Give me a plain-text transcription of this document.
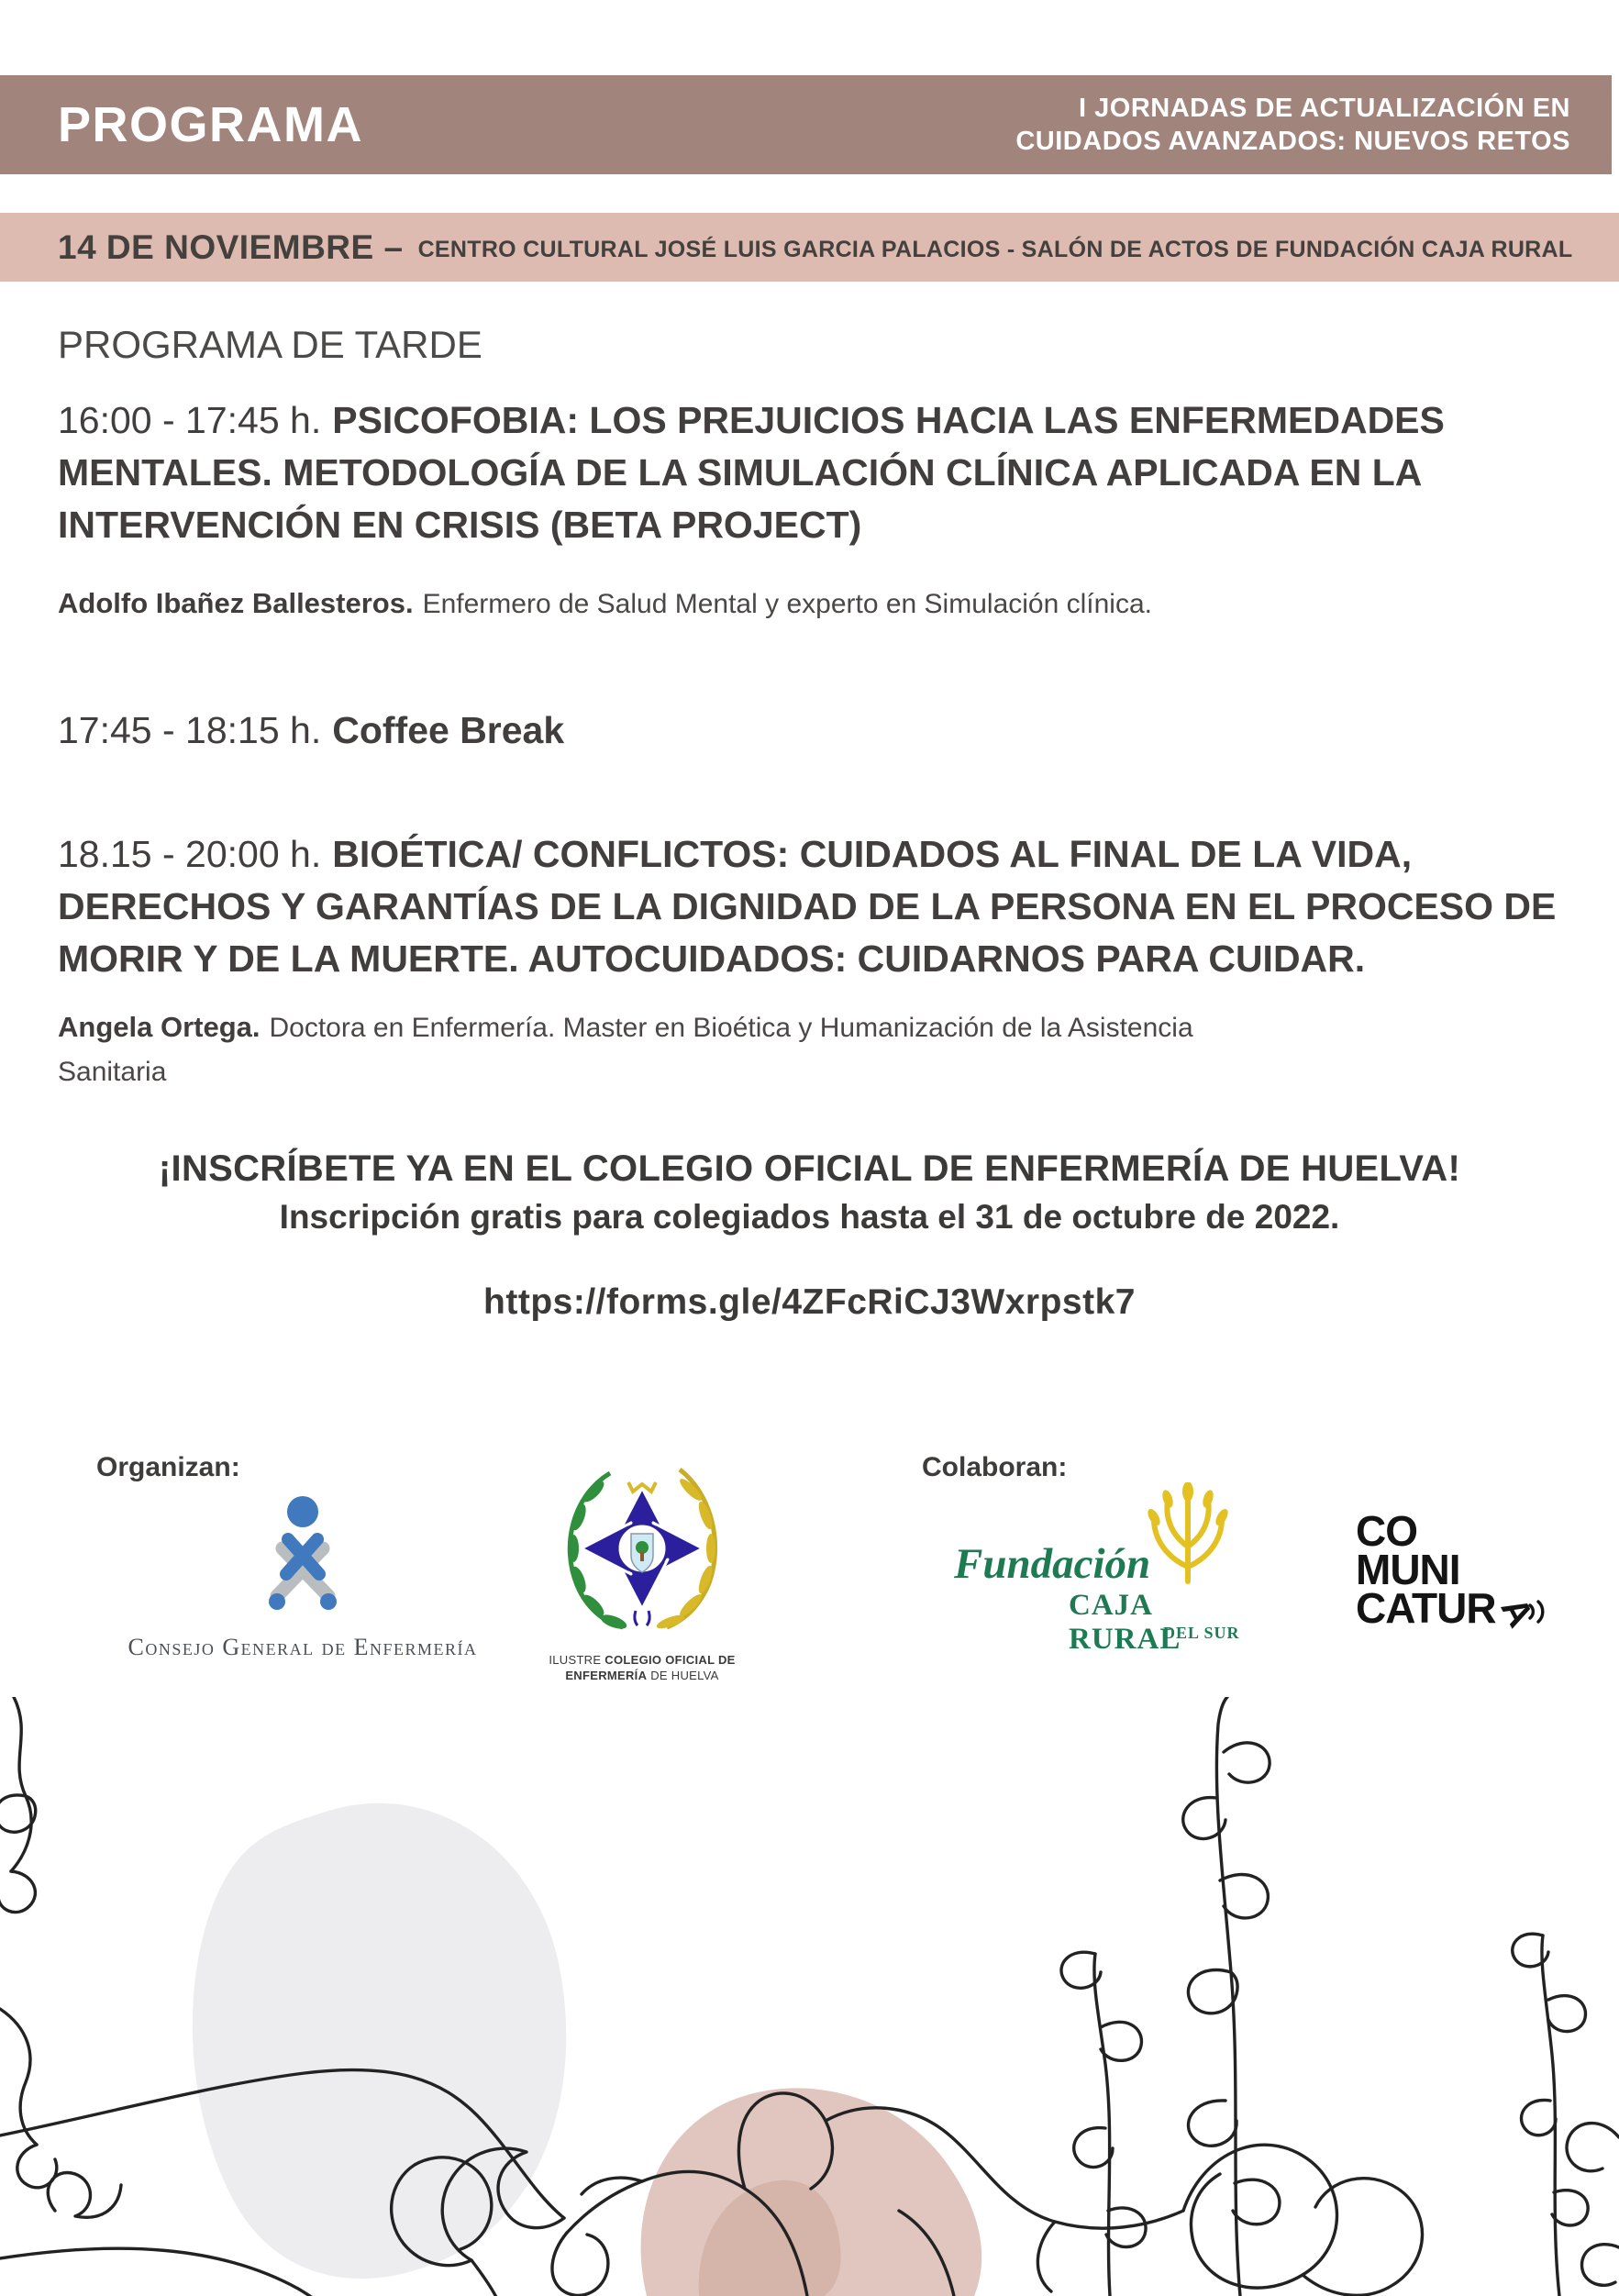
PROGRAMA	I JORNADAS DE ACTUALIZACIÓN EN
CUIDADOS AVANZADOS: NUEVOS RETOS
14 DE NOVIEMBRE – CENTRO CULTURAL JOSÉ LUIS GARCIA PALACIOS - SALÓN DE ACTOS DE FUNDACIÓN CAJA RURAL
PROGRAMA DE TARDE
16:00 - 17:45 h. PSICOFOBIA: LOS PREJUICIOS HACIA LAS ENFERMEDADES
MENTALES. METODOLOGÍA DE LA SIMULACIÓN CLÍNICA APLICADA EN LA
INTERVENCIÓN EN CRISIS (BETA PROJECT)
Adolfo Ibañez Ballesteros. Enfermero de Salud Mental y experto en Simulación clínica.
17:45 - 18:15 h. Coffee Break
18.15 - 20:00 h. BIOÉTICA/ CONFLICTOS: CUIDADOS AL FINAL DE LA VIDA,
DERECHOS Y GARANTÍAS DE LA DIGNIDAD DE LA PERSONA EN EL PROCESO DE
MORIR Y DE LA MUERTE. AUTOCUIDADOS: CUIDARNOS PARA CUIDAR.
Angela Ortega. Doctora en Enfermería. Master en Bioética y Humanización de la Asistencia
Sanitaria
¡INSCRÍBETE YA EN EL COLEGIO OFICIAL DE ENFERMERÍA DE HUELVA!
Inscripción gratis para colegiados hasta el 31 de octubre de 2022.
https://forms.gle/4ZFcRiCJ3Wxrpstk7
Organizan:	Colaboran:
Consejo General de Enfermería	ILUSTRE COLEGIO OFICIAL DE
ENFERMERÍA DE HUELVA
Fundación
CAJA RURAL
DEL SUR
CO
MUNI
CATUR
A
